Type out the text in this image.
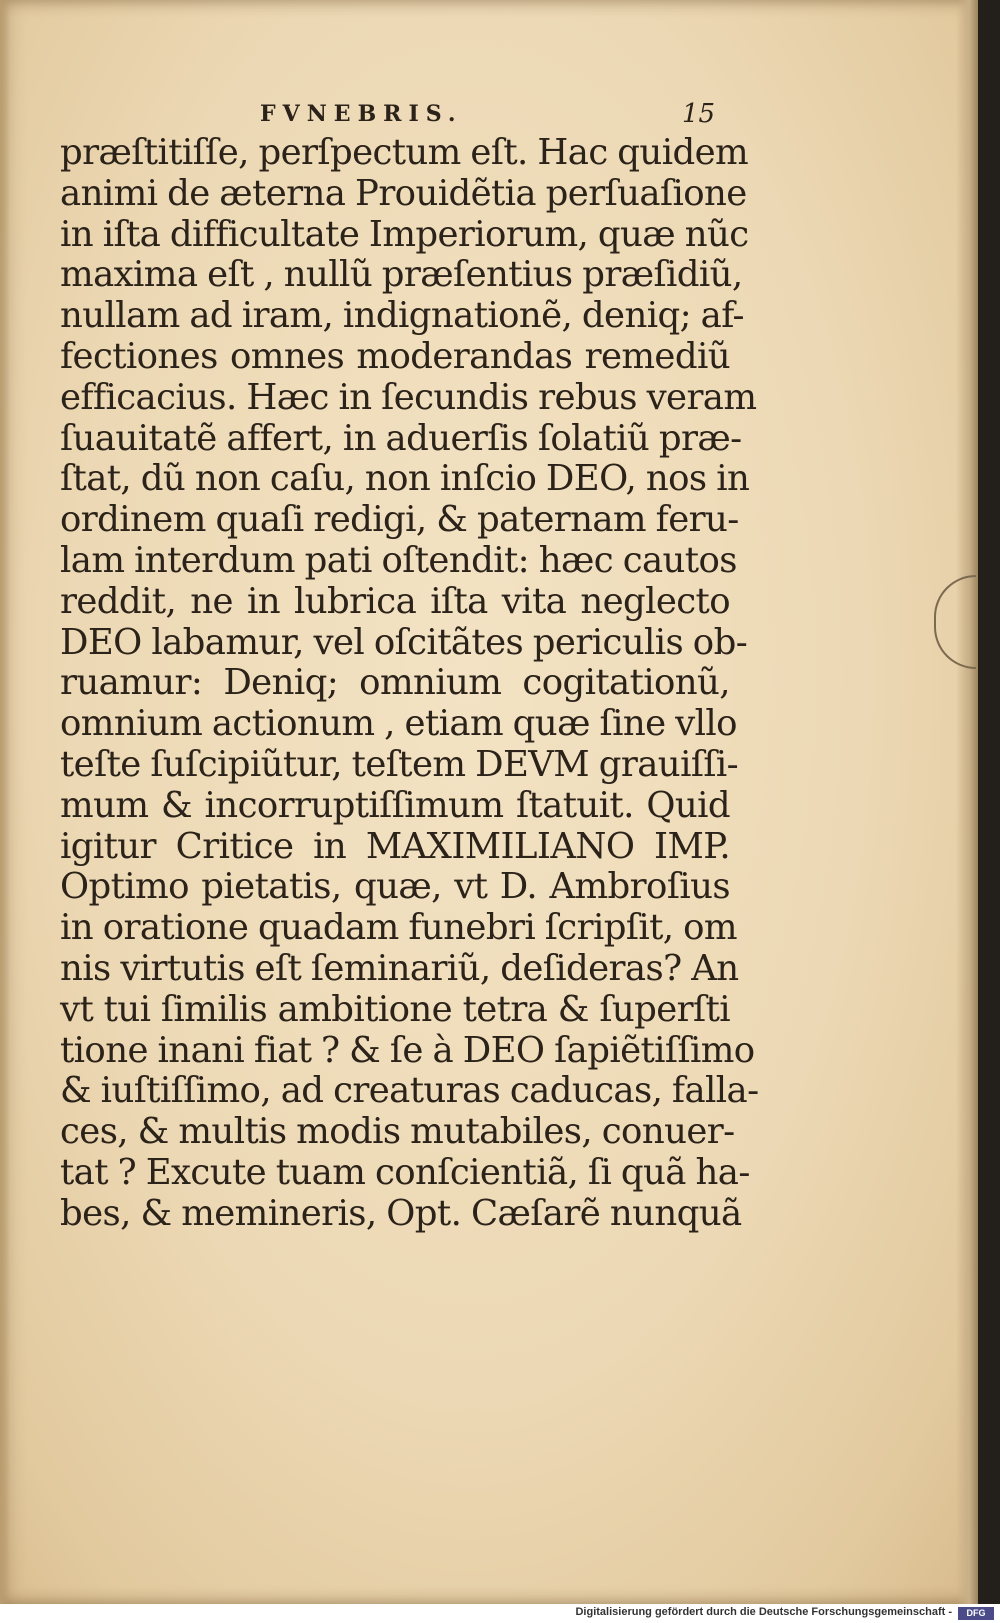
FVNEBRIS.	15
præſtitiſſe, perſpectum eſt. Hac quidem
animi de æterna Prouidẽtia perſuaſione
in iſta difficultate Imperiorum, quæ nũc
maxima eſt , nullũ præſentius præſidiũ,
nullam ad iram, indignationẽ, deniq; af-
fectiones omnes moderandas remediũ
efficacius. Hæc in ſecundis rebus veram
ſuauitatẽ affert, in aduerſis ſolatiũ præ-
ſtat, dũ non caſu, non inſcio DEO, nos in
ordinem quaſi redigi, & paternam feru-
lam interdum pati oſtendit: hæc cautos
reddit, ne in lubrica iſta vita neglecto
DEO labamur, vel oſcitãtes periculis ob-
ruamur: Deniq; omnium cogitationũ,
omnium actionum , etiam quæ ſine vllo
teſte ſuſcipiũtur, teſtem DEVM grauiſſi-
mum & incorruptiſſimum ſtatuit. Quid
igitur Critice in MAXIMILIANO IMP.
Optimo pietatis, quæ, vt D. Ambroſius
in oratione quadam funebri ſcripſit, om
nis virtutis eſt ſeminariũ, deſideras? An
vt tui ſimilis ambitione tetra & ſuperſti
tione inani fiat ? & ſe à DEO ſapiẽtiſſimo
& iuſtiſſimo, ad creaturas caducas, falla-
ces, & multis modis mutabiles, conuer-
tat ? Excute tuam conſcientiã, ſi quã ha-
bes, & memineris, Opt. Cæſarẽ nunquã
Digitalisierung gefördert durch die Deutsche Forschungsgemeinschaft -	DFG
